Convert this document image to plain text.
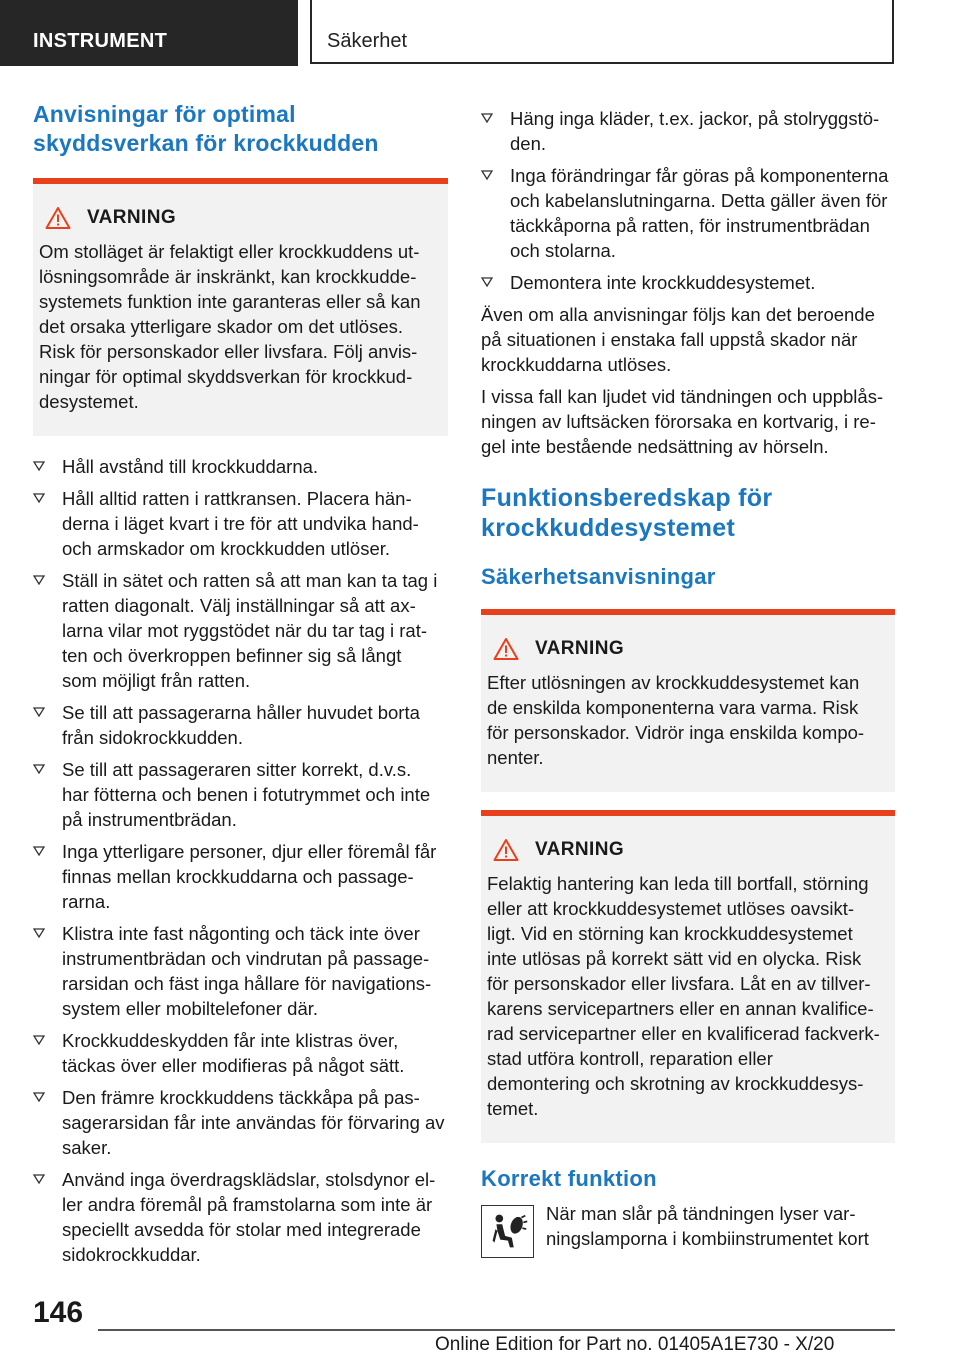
INSTRUMENT	Säkerhet
Anvisningar för optimal
skyddsverkan för krockkudden
VARNING
Om stolläget är felaktigt eller krockkuddens ut-
lösningsområde är inskränkt, kan krockkudde-
systemets funktion inte garanteras eller så kan
det orsaka ytterligare skador om det utlöses.
Risk för personskador eller livsfara. Följ anvis-
ningar för optimal skyddsverkan för krockkud-
desystemet.
Håll avstånd till krockkuddarna.
Håll alltid ratten i rattkransen. Placera hän-
derna i läget kvart i tre för att undvika hand-
och armskador om krockkudden utlöser.
Ställ in sätet och ratten så att man kan ta tag i
ratten diagonalt. Välj inställningar så att ax-
larna vilar mot ryggstödet när du tar tag i rat-
ten och överkroppen befinner sig så långt
som möjligt från ratten.
Se till att passagerarna håller huvudet borta
från sidokrockkudden.
Se till att passageraren sitter korrekt, d.v.s.
har fötterna och benen i fotutrymmet och inte
på instrumentbrädan.
Inga ytterligare personer, djur eller föremål får
finnas mellan krockkuddarna och passage-
rarna.
Klistra inte fast någonting och täck inte över
instrumentbrädan och vindrutan på passage-
rarsidan och fäst inga hållare för navigations-
system eller mobiltelefoner där.
Krockkuddeskydden får inte klistras över,
täckas över eller modifieras på något sätt.
Den främre krockkuddens täckkåpa på pas-
sagerarsidan får inte användas för förvaring av
saker.
Använd inga överdragsklädslar, stolsdynor el-
ler andra föremål på framstolarna som inte är
speciellt avsedda för stolar med integrerade
sidokrockkuddar.
Häng inga kläder, t.ex. jackor, på stolryggstö-
den.
Inga förändringar får göras på komponenterna
och kabelanslutningarna. Detta gäller även för
täckkåporna på ratten, för instrumentbrädan
och stolarna.
Demontera inte krockkuddesystemet.
Även om alla anvisningar följs kan det beroende
på situationen i enstaka fall uppstå skador när
krockkuddarna utlöses.
I vissa fall kan ljudet vid tändningen och uppblås-
ningen av luftsäcken förorsaka en kortvarig, i re-
gel inte bestående nedsättning av hörseln.
Funktionsberedskap för
krockkuddesystemet
Säkerhetsanvisningar
VARNING
Efter utlösningen av krockkuddesystemet kan
de enskilda komponenterna vara varma. Risk
för personskador. Vidrör inga enskilda kompo-
nenter.
VARNING
Felaktig hantering kan leda till bortfall, störning
eller att krockkuddesystemet utlöses oavsikt-
ligt. Vid en störning kan krockkuddesystemet
inte utlösas på korrekt sätt vid en olycka. Risk
för personskador eller livsfara. Låt en av tillver-
karens servicepartners eller en annan kvalifice-
rad servicepartner eller en kvalificerad fackverk-
stad utföra kontroll, reparation eller
demontering och skrotning av krockkuddesys-
temet.
Korrekt funktion
När man slår på tändningen lyser var-
ningslamporna i kombiinstrumentet kort
146
Online Edition for Part no. 01405A1E730 - X/20
